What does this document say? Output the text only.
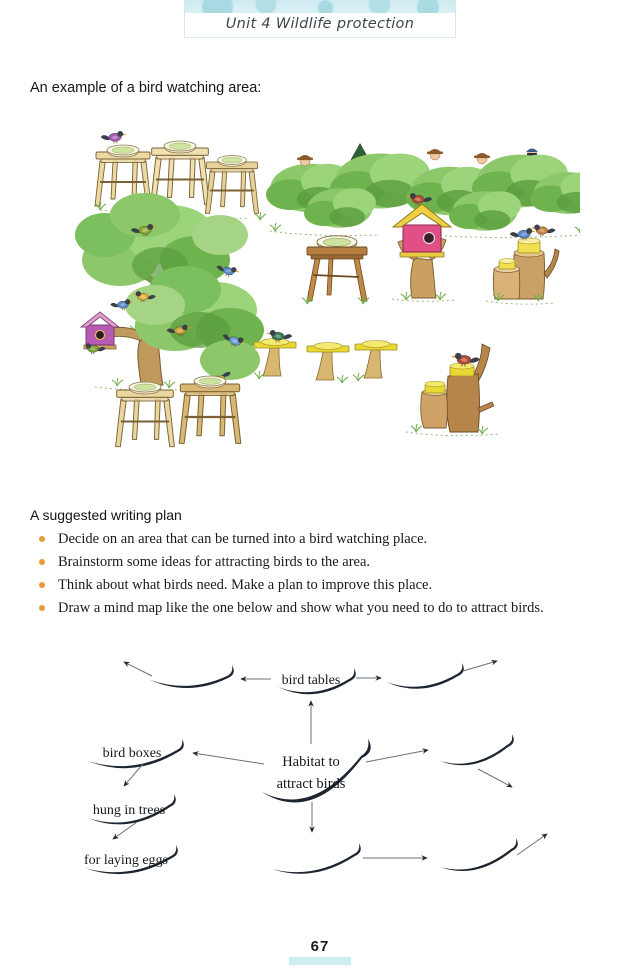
Unit 4 Wildlife protection
An example of a bird watching area:
A suggested writing plan
Decide on an area that can be turned into a bird watching place.
Brainstorm some ideas for attracting birds to the area.
Think about what birds need. Make a plan to improve this place.
Draw a mind map like the one below and show what you need to do to attract birds.
bird tables
bird boxes
hung in trees
for laying eggs
Habitat to
attract birds
67
